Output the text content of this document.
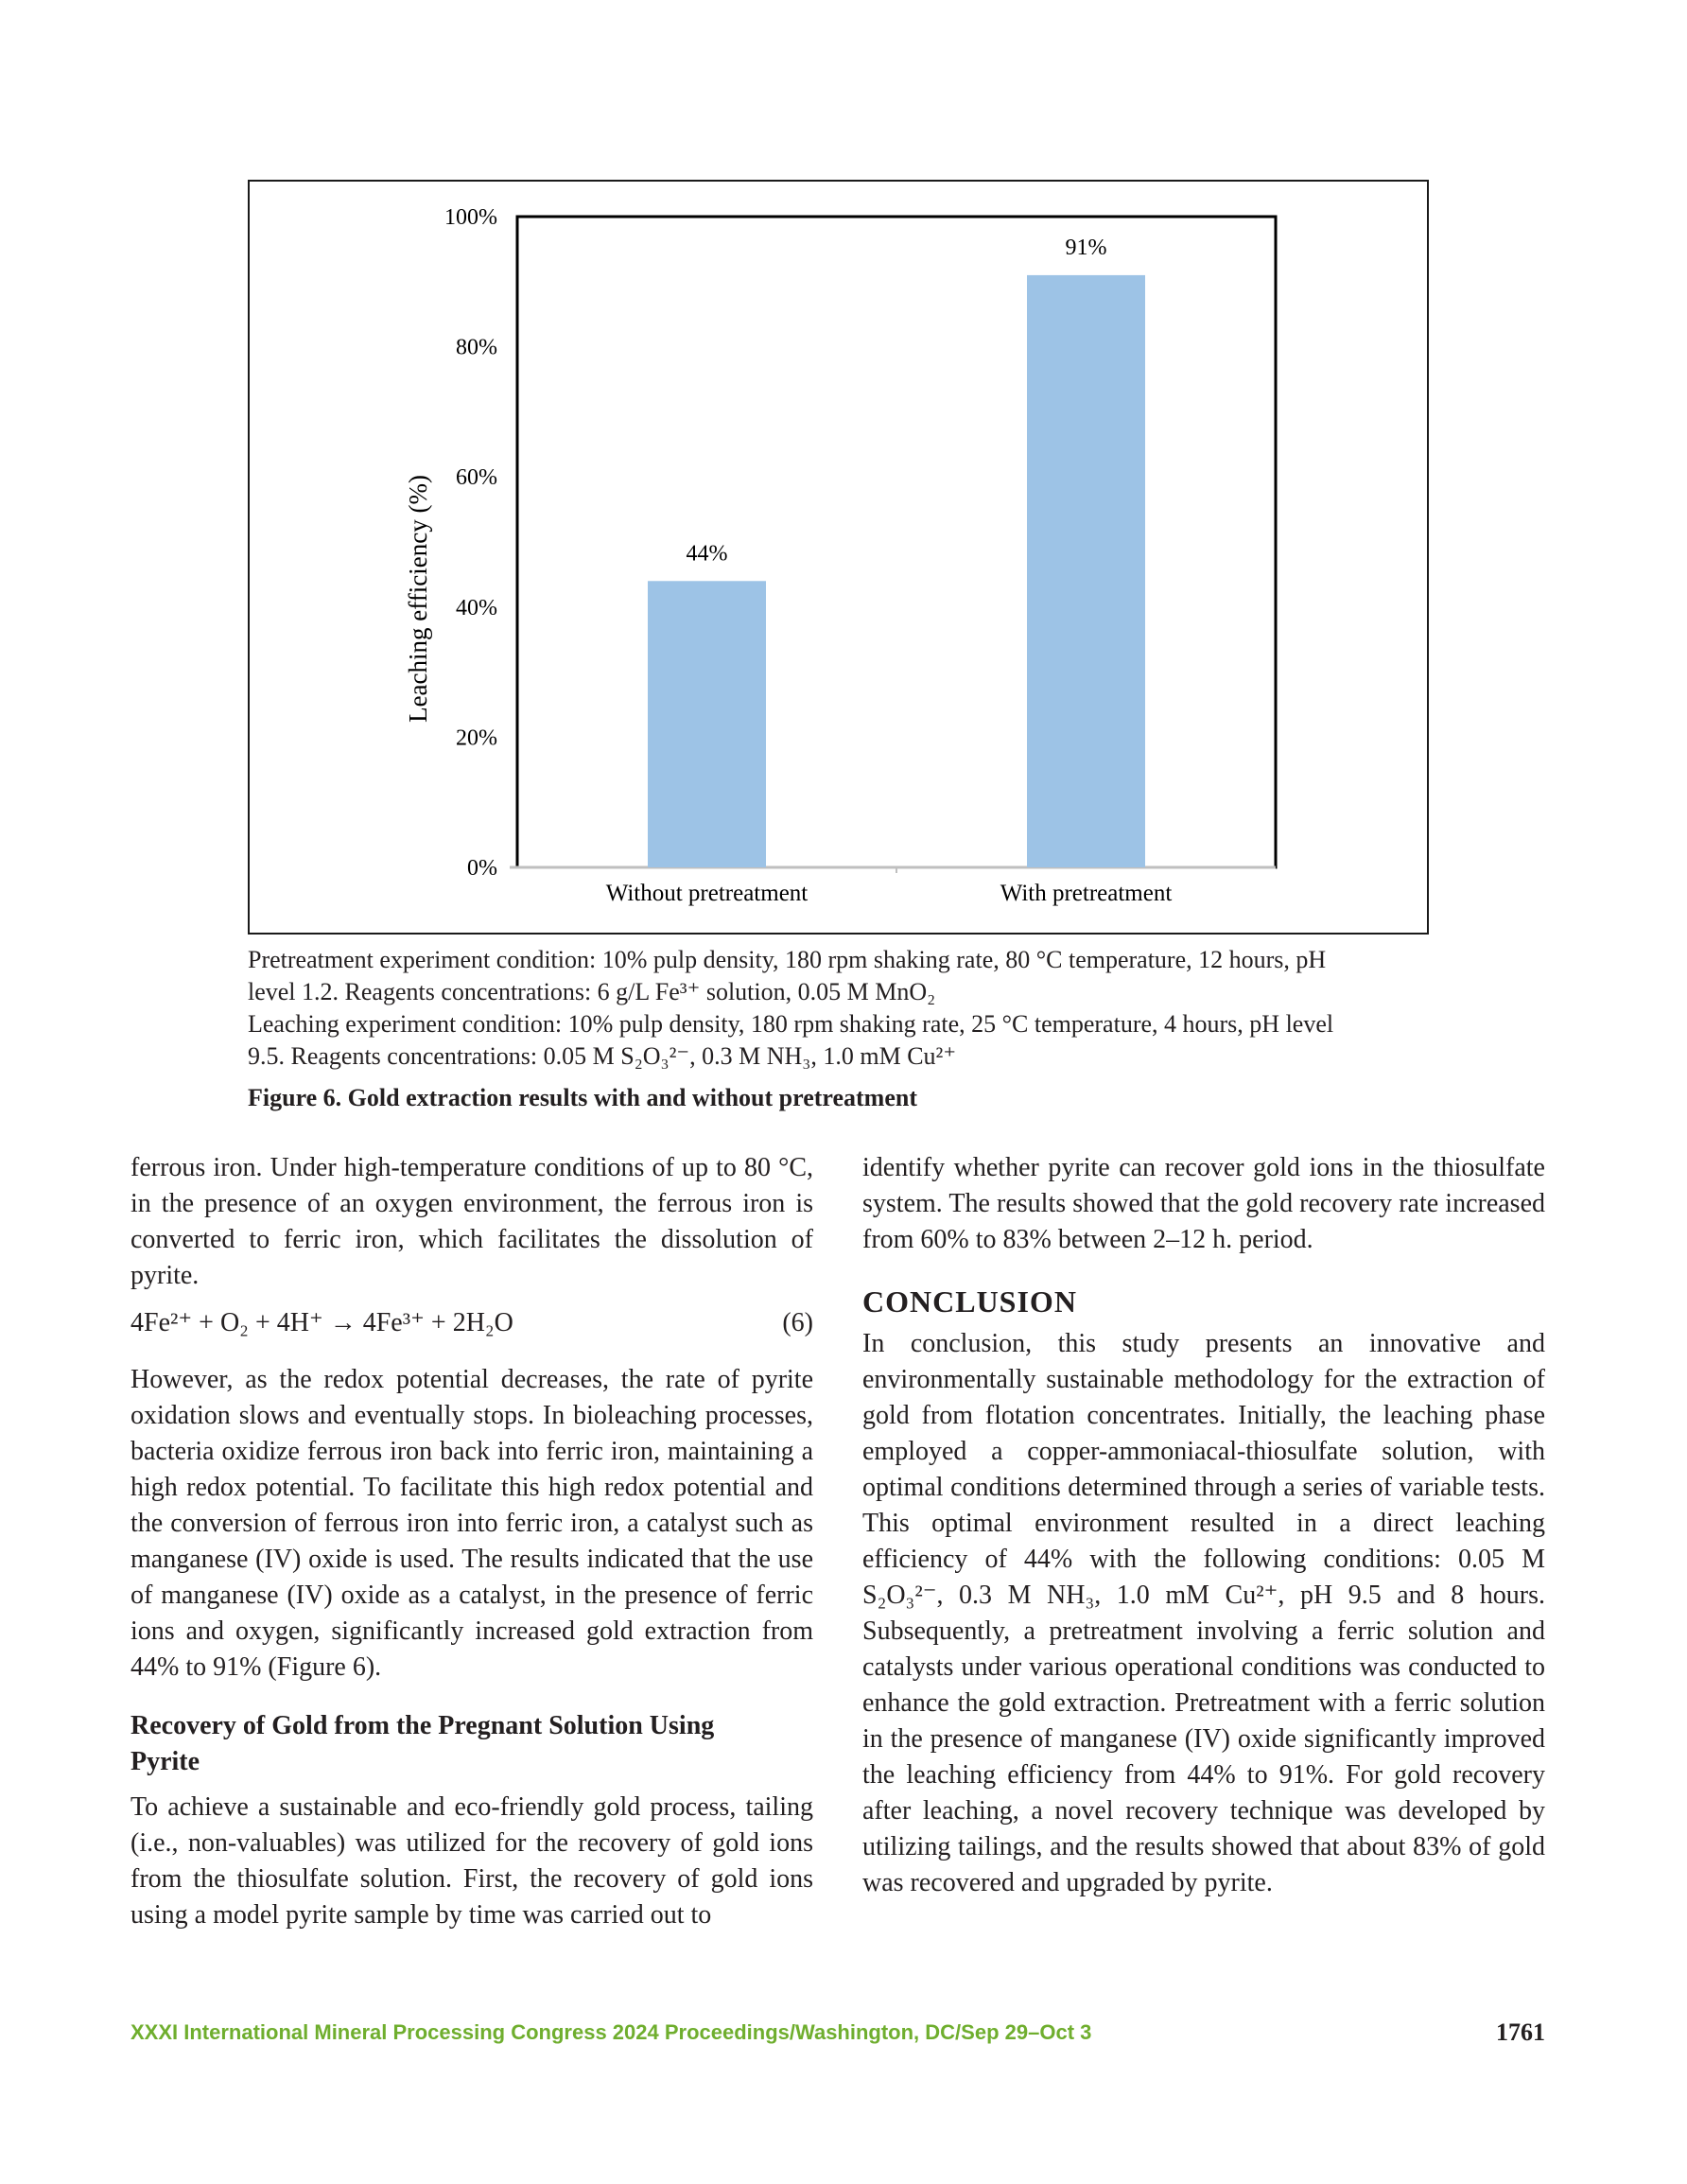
0%
20%
40%
60%
80%
100%
Leaching efficiency (%)	44%
Without pretreatment
91%
With pretreatment
Pretreatment experiment condition: 10% pulp density, 180 rpm shaking rate, 80 °C temperature, 12 hours, pH
level 1.2. Reagents concentrations: 6 g/L Fe³⁺ solution, 0.05 M MnO₂
Leaching experiment condition: 10% pulp density, 180 rpm shaking rate, 25 °C temperature, 4 hours, pH level
9.5. Reagents concentrations: 0.05 M S₂O₃²⁻, 0.3 M NH₃, 1.0 mM Cu²⁺
Figure 6. Gold extraction results with and without pretreatment

ferrous iron. Under high-temperature conditions of up to 80 °C, in the presence of an oxygen environment, the ferrous iron is converted to ferric iron, which facilitates the dissolution of pyrite.

4Fe²⁺ + O₂ + 4H⁺ → 4Fe³⁺ + 2H₂O	(6)

However, as the redox potential decreases, the rate of pyrite oxidation slows and eventually stops. In bioleaching processes, bacteria oxidize ferrous iron back into ferric iron, maintaining a high redox potential. To facilitate this high redox potential and the conversion of ferrous iron into ferric iron, a catalyst such as manganese (IV) oxide is used. The results indicated that the use of manganese (IV) oxide as a catalyst, in the presence of ferric ions and oxygen, significantly increased gold extraction from 44% to 91% (Figure 6).

Recovery of Gold from the Pregnant Solution Using Pyrite

To achieve a sustainable and eco-friendly gold process, tailing (i.e., non-valuables) was utilized for the recovery of gold ions from the thiosulfate solution. First, the recovery of gold ions using a model pyrite sample by time was carried out to

identify whether pyrite can recover gold ions in the thiosulfate system. The results showed that the gold recovery rate increased from 60% to 83% between 2–12 h. period.

CONCLUSION

In conclusion, this study presents an innovative and environmentally sustainable methodology for the extraction of gold from flotation concentrates. Initially, the leaching phase employed a copper-ammoniacal-thiosulfate solution, with optimal conditions determined through a series of variable tests. This optimal environment resulted in a direct leaching efficiency of 44% with the following conditions: 0.05 M S₂O₃²⁻, 0.3 M NH₃, 1.0 mM Cu²⁺, pH 9.5 and 8 hours. Subsequently, a pretreatment involving a ferric solution and catalysts under various operational conditions was conducted to enhance the gold extraction. Pretreatment with a ferric solution in the presence of manganese (IV) oxide significantly improved the leaching efficiency from 44% to 91%. For gold recovery after leaching, a novel recovery technique was developed by utilizing tailings, and the results showed that about 83% of gold was recovered and upgraded by pyrite.

XXXI International Mineral Processing Congress 2024 Proceedings/Washington, DC/Sep 29–Oct 3	1761
